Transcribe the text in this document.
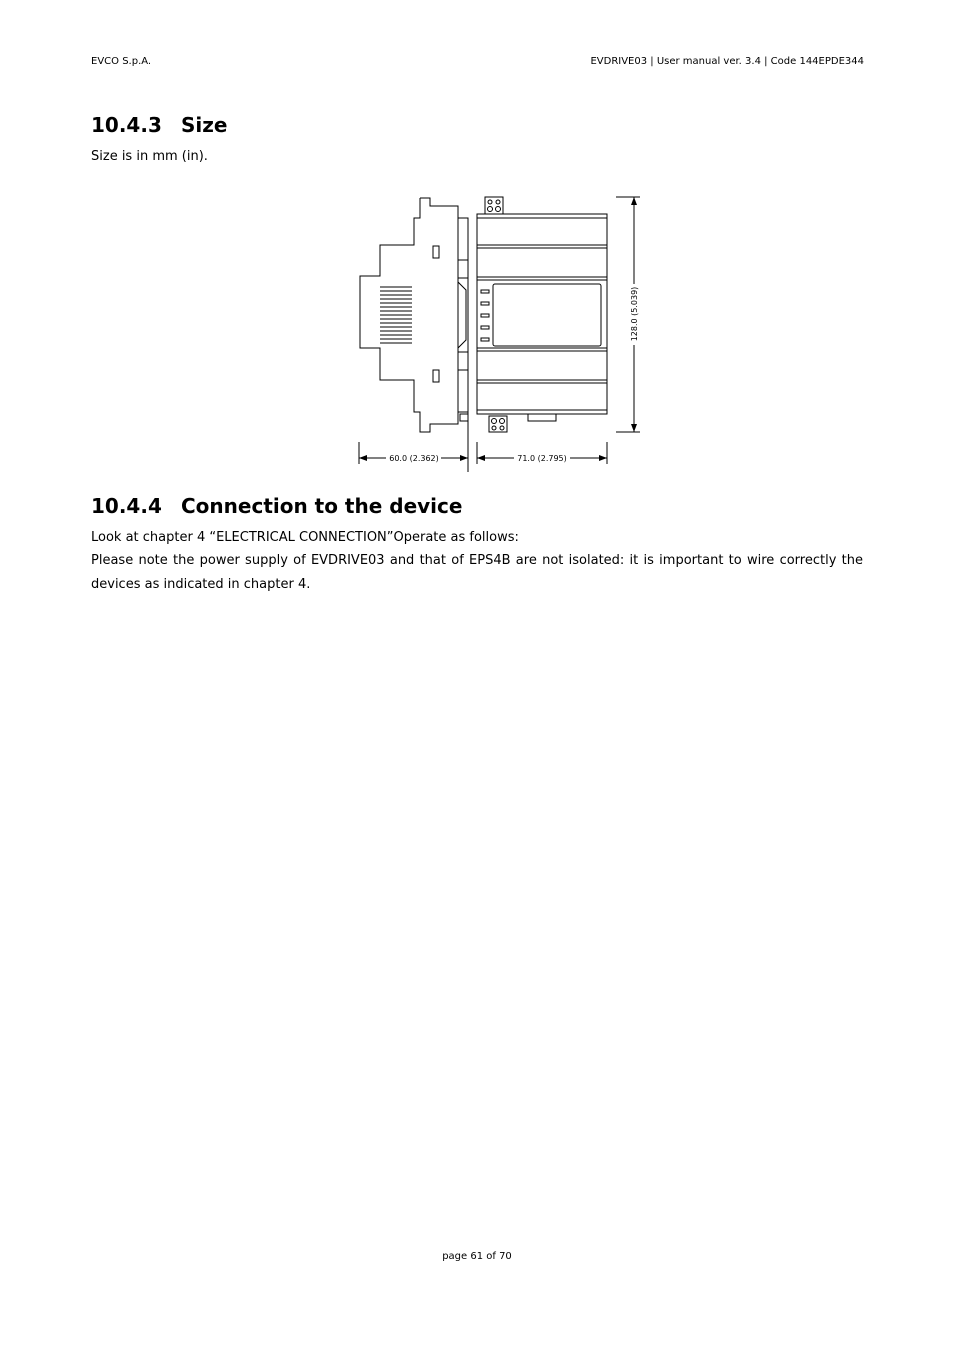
EVCO S.p.A.	EVDRIVE03 | User manual ver. 3.4 | Code 144EPDE344
10.4.3 Size

Size is in mm (in).

60.0 (2.362)	71.0 (2.795)
128.0 (5.039)
10.4.4 Connection to the device

Look at chapter 4 “ELECTRICAL CONNECTION”Operate as follows:

Please note the power supply of EVDRIVE03 and that of EPS4B are not isolated: it is important to wire correctly the devices as indicated in chapter 4.

page 61 of 70
